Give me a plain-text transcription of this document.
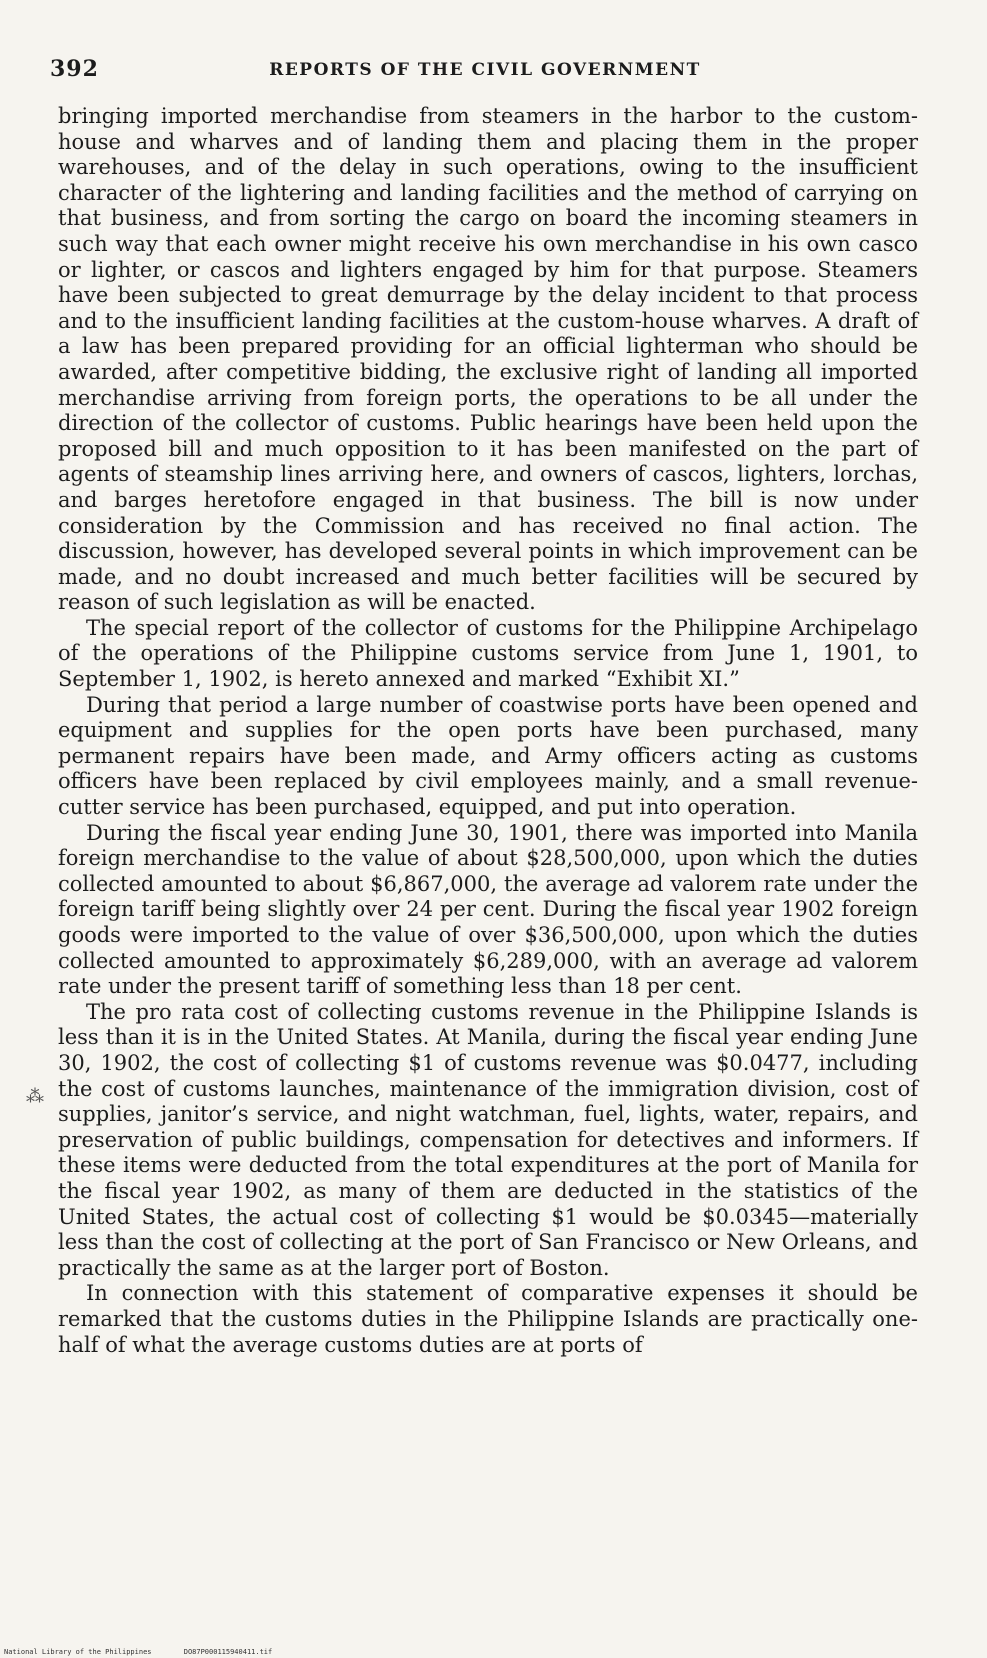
392	REPORTS OF THE CIVIL GOVERNMENT

bringing imported merchandise from steamers in the harbor to the custom-house and wharves and of landing them and placing them in the proper warehouses, and of the delay in such operations, owing to the insufficient character of the lightering and landing facilities and the method of carrying on that business, and from sorting the cargo on board the incoming steamers in such way that each owner might receive his own merchandise in his own casco or lighter, or cascos and lighters engaged by him for that purpose. Steamers have been subjected to great demurrage by the delay incident to that process and to the insufficient landing facilities at the custom-house wharves. A draft of a law has been prepared providing for an official lighterman who should be awarded, after competitive bidding, the exclusive right of landing all imported merchandise arriving from foreign ports, the operations to be all under the direction of the collector of customs. Public hearings have been held upon the proposed bill and much opposition to it has been manifested on the part of agents of steamship lines arriving here, and owners of cascos, lighters, lorchas, and barges heretofore engaged in that business. The bill is now under consideration by the Commission and has received no final action. The discussion, however, has developed several points in which improvement can be made, and no doubt increased and much better facilities will be secured by reason of such legislation as will be enacted.

The special report of the collector of customs for the Philippine Archipelago of the operations of the Philippine customs service from June 1, 1901, to September 1, 1902, is hereto annexed and marked “Exhibit XI.”

During that period a large number of coastwise ports have been opened and equipment and supplies for the open ports have been purchased, many permanent repairs have been made, and Army officers acting as customs officers have been replaced by civil employees mainly, and a small revenue-cutter service has been purchased, equipped, and put into operation.

During the fiscal year ending June 30, 1901, there was imported into Manila foreign merchandise to the value of about $28,500,000, upon which the duties collected amounted to about $6,867,000, the average ad valorem rate under the foreign tariff being slightly over 24 per cent. During the fiscal year 1902 foreign goods were imported to the value of over $36,500,000, upon which the duties collected amounted to approximately $6,289,000, with an average ad valorem rate under the present tariff of something less than 18 per cent.

The pro rata cost of collecting customs revenue in the Philippine Islands is less than it is in the United States. At Manila, during the fiscal year ending June 30, 1902, the cost of collecting $1 of customs revenue was $0.0477, including the cost of customs launches, maintenance of the immigration division, cost of supplies, janitor’s service, and night watchman, fuel, lights, water, repairs, and preservation of public buildings, compensation for detectives and informers. If these items were deducted from the total expenditures at the port of Manila for the fiscal year 1902, as many of them are deducted in the statistics of the United States, the actual cost of collecting $1 would be $0.0345—materially less than the cost of collecting at the port of San Francisco or New Orleans, and practically the same as at the larger port of Boston.

In connection with this statement of comparative expenses it should be remarked that the customs duties in the Philippine Islands are practically one-half of what the average customs duties are at ports of

⁂
National Library of the Philippines	DO87P000115940411.tif
